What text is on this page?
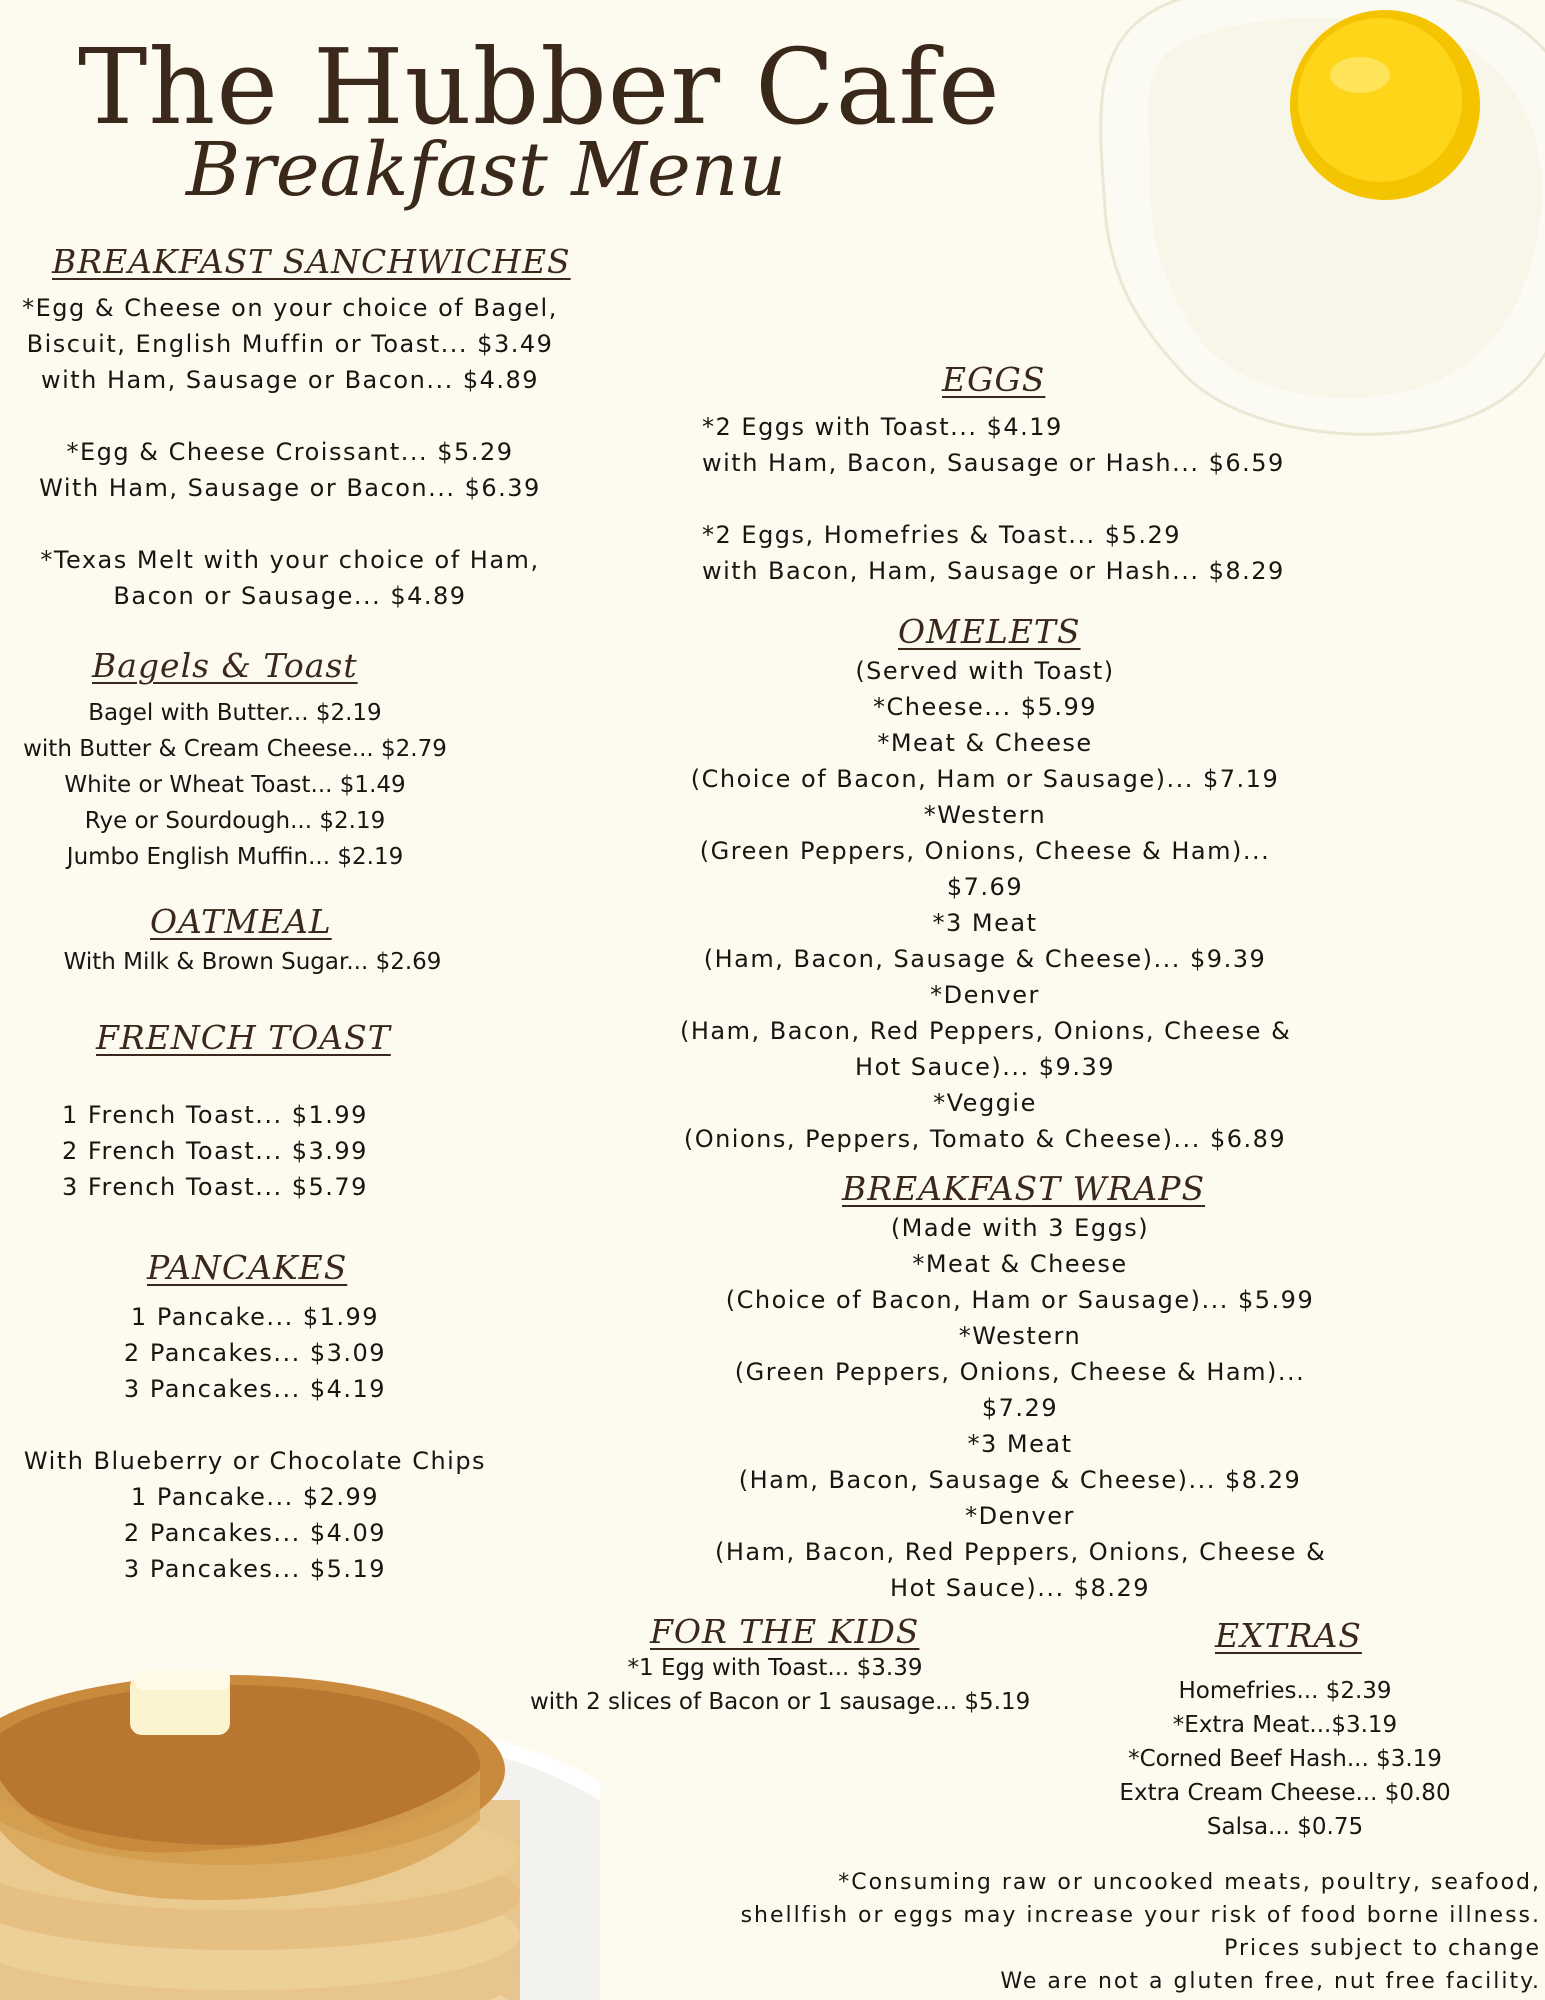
The Hubber Cafe
Breakfast Menu
BREAKFAST SANCHWICHES
*Egg & Cheese on your choice of Bagel,
Biscuit, English Muffin or Toast... $3.49
with Ham, Sausage or Bacon... $4.89
*Egg & Cheese Croissant... $5.29
With Ham, Sausage or Bacon... $6.39
*Texas Melt with your choice of Ham,
Bacon or Sausage... $4.89
Bagels & Toast
Bagel with Butter... $2.19
with Butter & Cream Cheese... $2.79
White or Wheat Toast... $1.49
Rye or Sourdough... $2.19
Jumbo English Muffin... $2.19
OATMEAL
With Milk & Brown Sugar... $2.69
FRENCH TOAST
1 French Toast... $1.99
2 French Toast... $3.99
3 French Toast... $5.79
PANCAKES
1 Pancake... $1.99
2 Pancakes... $3.09
3 Pancakes... $4.19
With Blueberry or Chocolate Chips
1 Pancake... $2.99
2 Pancakes... $4.09
3 Pancakes... $5.19
EGGS
*2 Eggs with Toast... $4.19
with Ham, Bacon, Sausage or Hash... $6.59
*2 Eggs, Homefries & Toast... $5.29
with Bacon, Ham, Sausage or Hash... $8.29
OMELETS
(Served with Toast)
*Cheese... $5.99
*Meat & Cheese
(Choice of Bacon, Ham or Sausage)... $7.19
*Western
(Green Peppers, Onions, Cheese & Ham)...
$7.69
*3 Meat
(Ham, Bacon, Sausage & Cheese)... $9.39
*Denver
(Ham, Bacon, Red Peppers, Onions, Cheese &
Hot Sauce)... $9.39
*Veggie
(Onions, Peppers, Tomato & Cheese)... $6.89
BREAKFAST WRAPS
(Made with 3 Eggs)
*Meat & Cheese
(Choice of Bacon, Ham or Sausage)... $5.99
*Western
(Green Peppers, Onions, Cheese & Ham)...
$7.29
*3 Meat
(Ham, Bacon, Sausage & Cheese)... $8.29
*Denver
(Ham, Bacon, Red Peppers, Onions, Cheese &
Hot Sauce)... $8.29
FOR THE KIDS
*1 Egg with Toast... $3.39
with 2 slices of Bacon or 1 sausage... $5.19
EXTRAS
Homefries... $2.39
*Extra Meat...$3.19
*Corned Beef Hash... $3.19
Extra Cream Cheese... $0.80
Salsa... $0.75
*Consuming raw or uncooked meats, poultry, seafood,
shellfish or eggs may increase your risk of food borne illness.
Prices subject to change
We are not a gluten free, nut free facility.
